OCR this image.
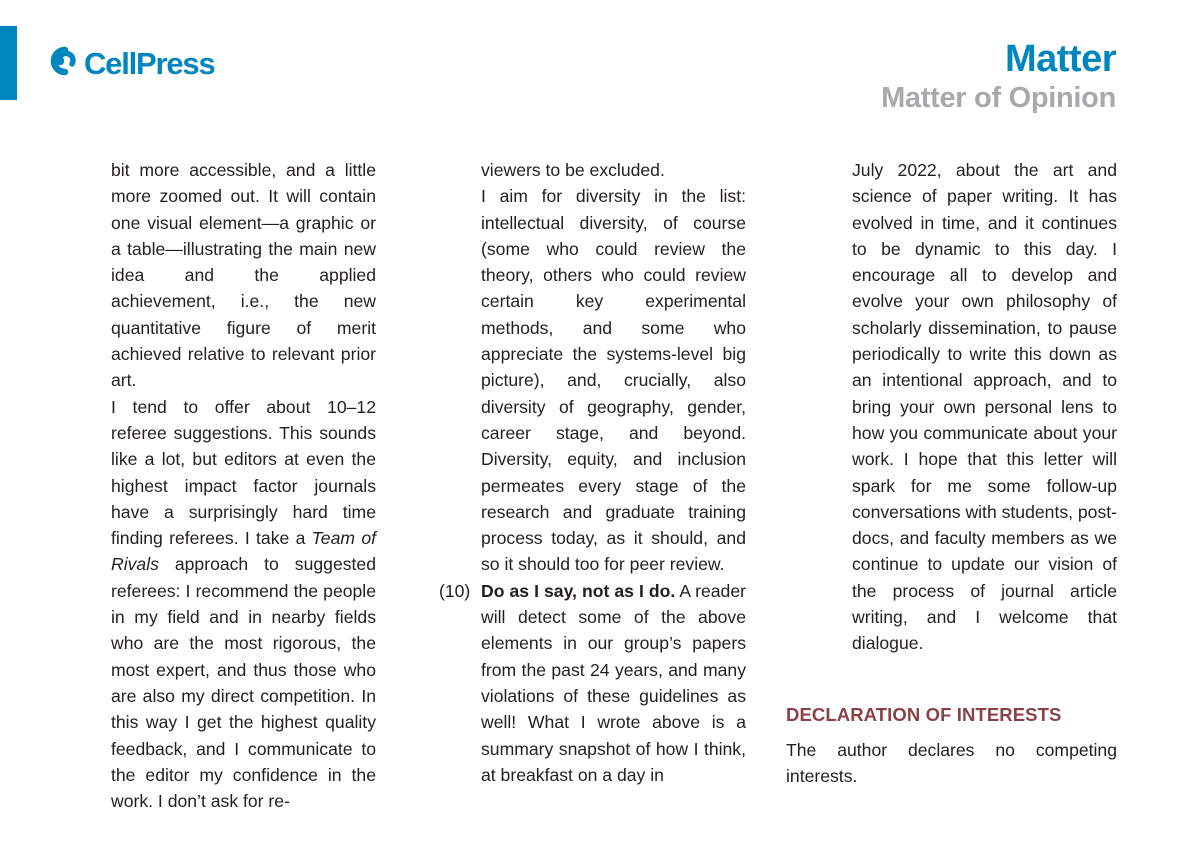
CellPress	Matter
Matter of Opinion

bit more accessible, and a little more zoomed out. It will contain one visual element—a graphic or a table—illustrating the main new idea and the applied achievement, i.e., the new quantitative figure of merit achieved relative to relevant prior art.

I tend to offer about 10–12 referee suggestions. This sounds like a lot, but editors at even the highest impact factor journals have a surprisingly hard time finding referees. I take a Team of Rivals approach to suggested referees: I recommend the people in my field and in nearby fields who are the most rigorous, the most expert, and thus those who are also my direct competition. In this way I get the highest quality feedback, and I communicate to the editor my confidence in the work. I don’t ask for re-

viewers to be excluded.

I aim for diversity in the list: intellectual diversity, of course (some who could review the theory, others who could review certain key experimental methods, and some who appreciate the systems-level big picture), and, crucially, also diversity of geography, gender, career stage, and beyond. Diversity, equity, and inclusion permeates every stage of the research and graduate training process today, as it should, and so it should too for peer review.

(10) Do as I say, not as I do. A reader will detect some of the above elements in our group’s papers from the past 24 years, and many violations of these guidelines as well! What I wrote above is a summary snapshot of how I think, at breakfast on a day in

July 2022, about the art and science of paper writing. It has evolved in time, and it continues to be dynamic to this day. I encourage all to develop and evolve your own philosophy of scholarly dissemination, to pause periodically to write this down as an intentional approach, and to bring your own personal lens to how you communicate about your work. I hope that this letter will spark for me some follow-up conversations with students, post-docs, and faculty members as we continue to update our vision of the process of journal article writing, and I welcome that dialogue.

DECLARATION OF INTERESTS

The author declares no competing interests.
